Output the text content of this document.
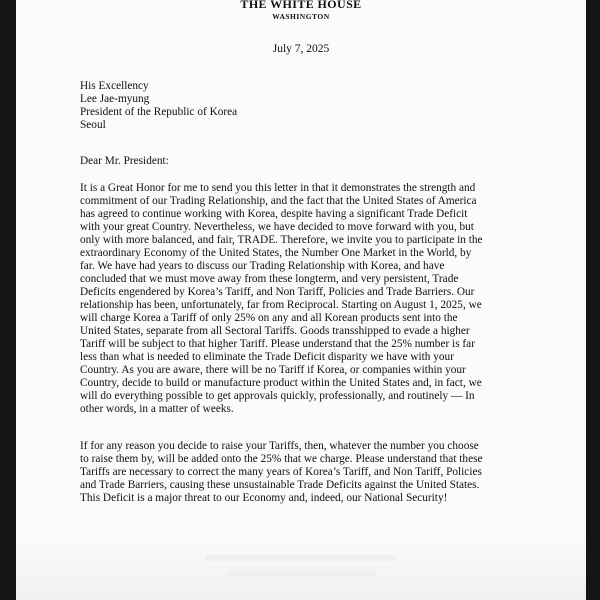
THE WHITE HOUSE
WASHINGTON
July 7, 2025
His Excellency
Lee Jae-myung
President of the Republic of Korea
Seoul
Dear Mr. President:
It is a Great Honor for me to send you this letter in that it demonstrates the strength and
commitment of our Trading Relationship, and the fact that the United States of America
has agreed to continue working with Korea, despite having a significant Trade Deficit
with your great Country. Nevertheless, we have decided to move forward with you, but
only with more balanced, and fair, TRADE. Therefore, we invite you to participate in the
extraordinary Economy of the United States, the Number One Market in the World, by
far. We have had years to discuss our Trading Relationship with Korea, and have
concluded that we must move away from these longterm, and very persistent, Trade
Deficits engendered by Korea’s Tariff, and Non Tariff, Policies and Trade Barriers. Our
relationship has been, unfortunately, far from Reciprocal. Starting on August 1, 2025, we
will charge Korea a Tariff of only 25% on any and all Korean products sent into the
United States, separate from all Sectoral Tariffs. Goods transshipped to evade a higher
Tariff will be subject to that higher Tariff. Please understand that the 25% number is far
less than what is needed to eliminate the Trade Deficit disparity we have with your
Country. As you are aware, there will be no Tariff if Korea, or companies within your
Country, decide to build or manufacture product within the United States and, in fact, we
will do everything possible to get approvals quickly, professionally, and routinely — In
other words, in a matter of weeks.
If for any reason you decide to raise your Tariffs, then, whatever the number you choose
to raise them by, will be added onto the 25% that we charge. Please understand that these
Tariffs are necessary to correct the many years of Korea’s Tariff, and Non Tariff, Policies
and Trade Barriers, causing these unsustainable Trade Deficits against the United States.
This Deficit is a major threat to our Economy and, indeed, our National Security!
